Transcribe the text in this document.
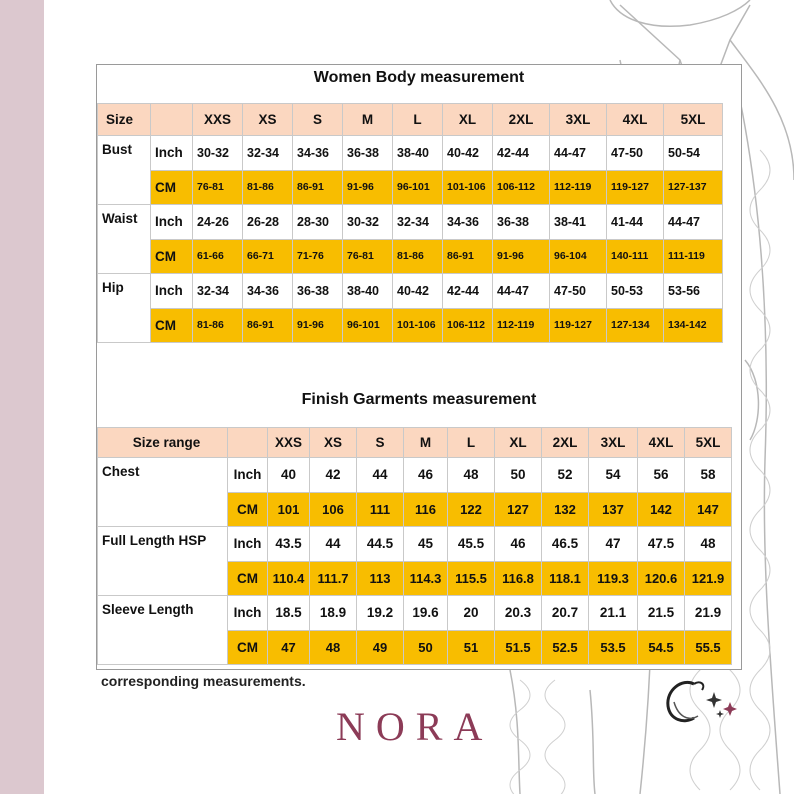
Women Body measurement
Size		XXS	XS	S	M	L	XL	2XL	3XL	4XL	5XL
Bust	Inch	30-32	32-34	34-36	36-38	38-40	40-42	42-44	44-47	47-50	50-54
	CM	76-81	81-86	86-91	91-96	96-101	101-106	106-112	112-119	119-127	127-137
Waist	Inch	24-26	26-28	28-30	30-32	32-34	34-36	36-38	38-41	41-44	44-47
	CM	61-66	66-71	71-76	76-81	81-86	86-91	91-96	96-104	140-111	111-119
Hip	Inch	32-34	34-36	36-38	38-40	40-42	42-44	44-47	47-50	50-53	53-56
	CM	81-86	86-91	91-96	96-101	101-106	106-112	112-119	119-127	127-134	134-142
Finish Garments measurement
Size range		XXS	XS	S	M	L	XL	2XL	3XL	4XL	5XL
Chest	Inch	40	42	44	46	48	50	52	54	56	58
	CM	101	106	111	116	122	127	132	137	142	147
Full Length HSP	Inch	43.5	44	44.5	45	45.5	46	46.5	47	47.5	48
	CM	110.4	111.7	113	114.3	115.5	116.8	118.1	119.3	120.6	121.9
Sleeve Length	Inch	18.5	18.9	19.2	19.6	20	20.3	20.7	21.1	21.5	21.9
	CM	47	48	49	50	51	51.5	52.5	53.5	54.5	55.5
corresponding measurements.
NORA
